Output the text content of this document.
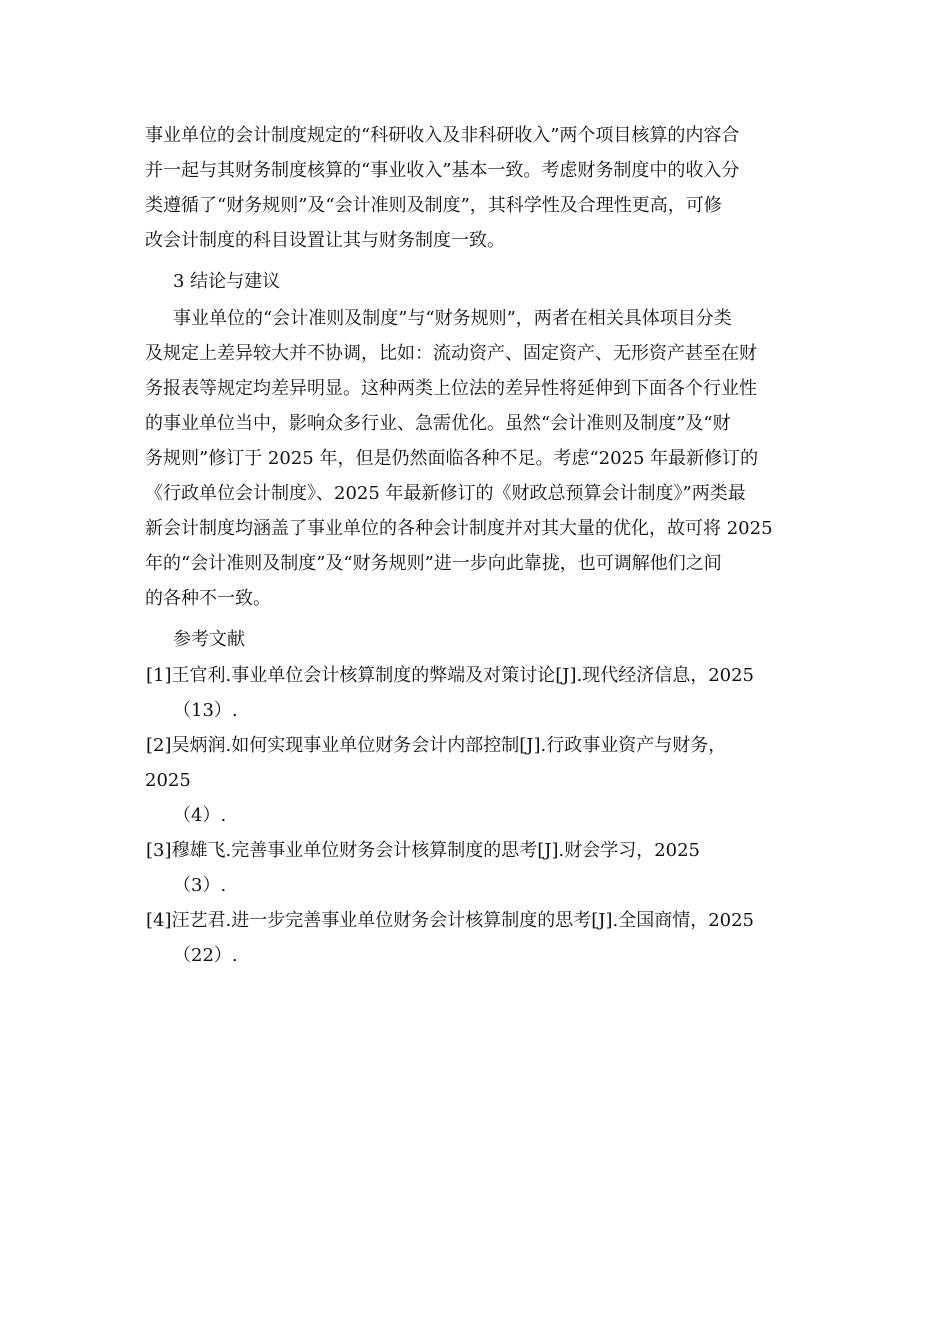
事业单位的会计制度规定的“科研收入及非科研收入”两个项目核算的内容合
并一起与其财务制度核算的“事业收入”基本一致。考虑财务制度中的收入分
类遵循了“财务规则”及“会计准则及制度”，其科学性及合理性更高，可修
改会计制度的科目设置让其与财务制度一致。
3 结论与建议
事业单位的“会计准则及制度”与“财务规则”，两者在相关具体项目分类
及规定上差异较大并不协调，比如：流动资产、固定资产、无形资产甚至在财
务报表等规定均差异明显。这种两类上位法的差异性将延伸到下面各个行业性
的事业单位当中，影响众多行业、急需优化。虽然“会计准则及制度”及“财
务规则”修订于 2025 年，但是仍然面临各种不足。考虑“2025 年最新修订的
《行政单位会计制度》、2025 年最新修订的《财政总预算会计制度》”两类最
新会计制度均涵盖了事业单位的各种会计制度并对其大量的优化，故可将 2025
年的“会计准则及制度”及“财务规则”进一步向此靠拢，也可调解他们之间
的各种不一致。
参考文献
[1]王官利.事业单位会计核算制度的弊端及对策讨论[J].现代经济信息，2025
（13）.
[2]吴炳润.如何实现事业单位财务会计内部控制[J].行政事业资产与财务，
2025
（4）.
[3]穆雄飞.完善事业单位财务会计核算制度的思考[J].财会学习，2025
（3）.
[4]汪艺君.进一步完善事业单位财务会计核算制度的思考[J].全国商情，2025
（22）.
